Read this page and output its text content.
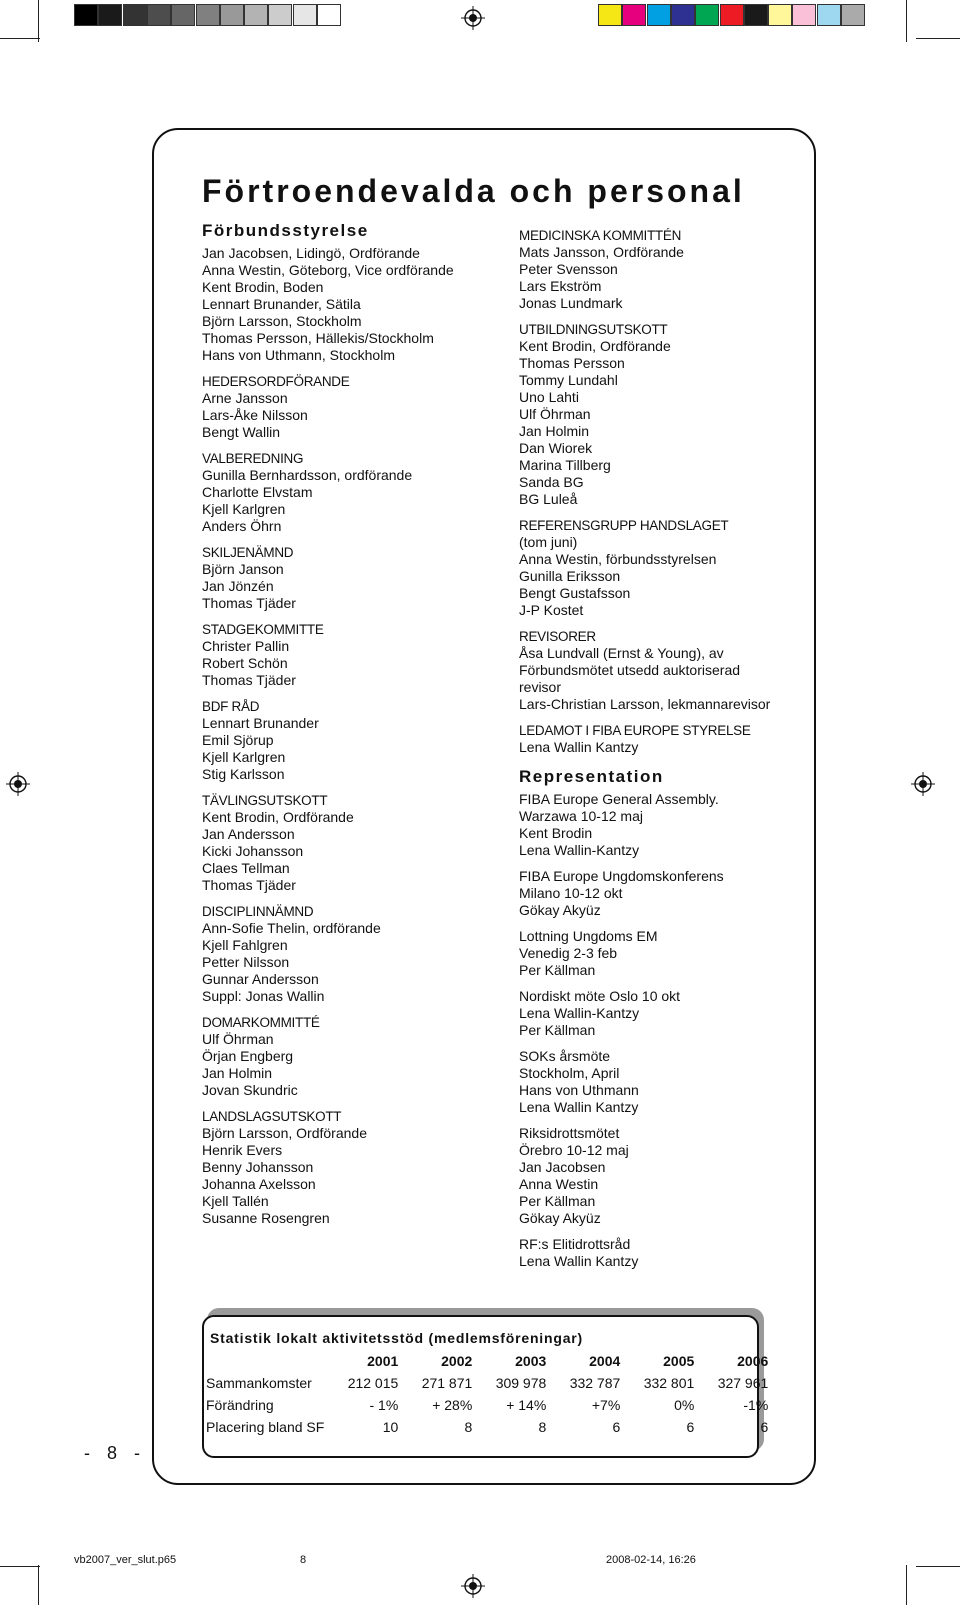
Förtroendevalda och personal
Förbundsstyrelse
Jan Jacobsen, Lidingö, Ordförande
Anna Westin, Göteborg, Vice ordförande
Kent Brodin, Boden
Lennart Brunander, Sätila
Björn Larsson, Stockholm
Thomas Persson, Hällekis/Stockholm
Hans von Uthmann, Stockholm
HEDERSORDFÖRANDE
Arne Jansson
Lars-Åke Nilsson
Bengt Wallin
VALBEREDNING
Gunilla Bernhardsson, ordförande
Charlotte Elvstam
Kjell Karlgren
Anders Öhrn
SKILJENÄMND
Björn Janson
Jan Jönzén
Thomas Tjäder
STADGEKOMMITTE
Christer Pallin
Robert Schön
Thomas Tjäder
BDF RÅD
Lennart Brunander
Emil Sjörup
Kjell Karlgren
Stig Karlsson
TÄVLINGSUTSKOTT
Kent Brodin, Ordförande
Jan Andersson
Kicki Johansson
Claes Tellman
Thomas Tjäder
DISCIPLINNÄMND
Ann-Sofie Thelin, ordförande
Kjell Fahlgren
Petter Nilsson
Gunnar Andersson
Suppl: Jonas Wallin
DOMARKOMMITTÉ
Ulf Öhrman
Örjan Engberg
Jan Holmin
Jovan Skundric
LANDSLAGSUTSKOTT
Björn Larsson, Ordförande
Henrik Evers
Benny Johansson
Johanna Axelsson
Kjell Tallén
Susanne Rosengren
MEDICINSKA KOMMITTÉN
Mats Jansson, Ordförande
Peter Svensson
Lars Ekström
Jonas Lundmark
UTBILDNINGSUTSKOTT
Kent Brodin, Ordförande
Thomas Persson
Tommy Lundahl
Uno Lahti
Ulf Öhrman
Jan Holmin
Dan Wiorek
Marina Tillberg
Sanda BG
BG Luleå
REFERENSGRUPP HANDSLAGET
(tom juni)
Anna Westin, förbundsstyrelsen
Gunilla Eriksson
Bengt Gustafsson
J-P Kostet
REVISORER
Åsa Lundvall (Ernst & Young), av
Förbundsmötet utsedd auktoriserad
revisor
Lars-Christian Larsson, lekmannarevisor
LEDAMOT I FIBA EUROPE STYRELSE
Lena Wallin Kantzy
Representation
FIBA Europe General Assembly.
Warzawa 10-12 maj
Kent Brodin
Lena Wallin-Kantzy
FIBA Europe Ungdomskonferens
Milano 10-12 okt
Gökay Akyüz
Lottning Ungdoms EM
Venedig 2-3 feb
Per Källman
Nordiskt möte Oslo 10 okt
Lena Wallin-Kantzy
Per Källman
SOKs årsmöte
Stockholm, April
Hans von Uthmann
Lena Wallin Kantzy
Riksidrottsmötet
Örebro 10-12 maj
Jan Jacobsen
Anna Westin
Per Källman
Gökay Akyüz
RF:s Elitidrottsråd
Lena Wallin Kantzy
Statistik lokalt aktivitetsstöd (medlemsföreningar)
	2001	2002	2003	2004	2005	2006
Sammankomster	212 015	271 871	309 978	332 787	332 801	327 961
Förändring	- 1%	+ 28%	+ 14%	+7%	0%	-1%
Placering bland SF	10	8	8	6	6	6
- 8 -
vb2007_ver_slut.p65	8	2008-02-14, 16:26
